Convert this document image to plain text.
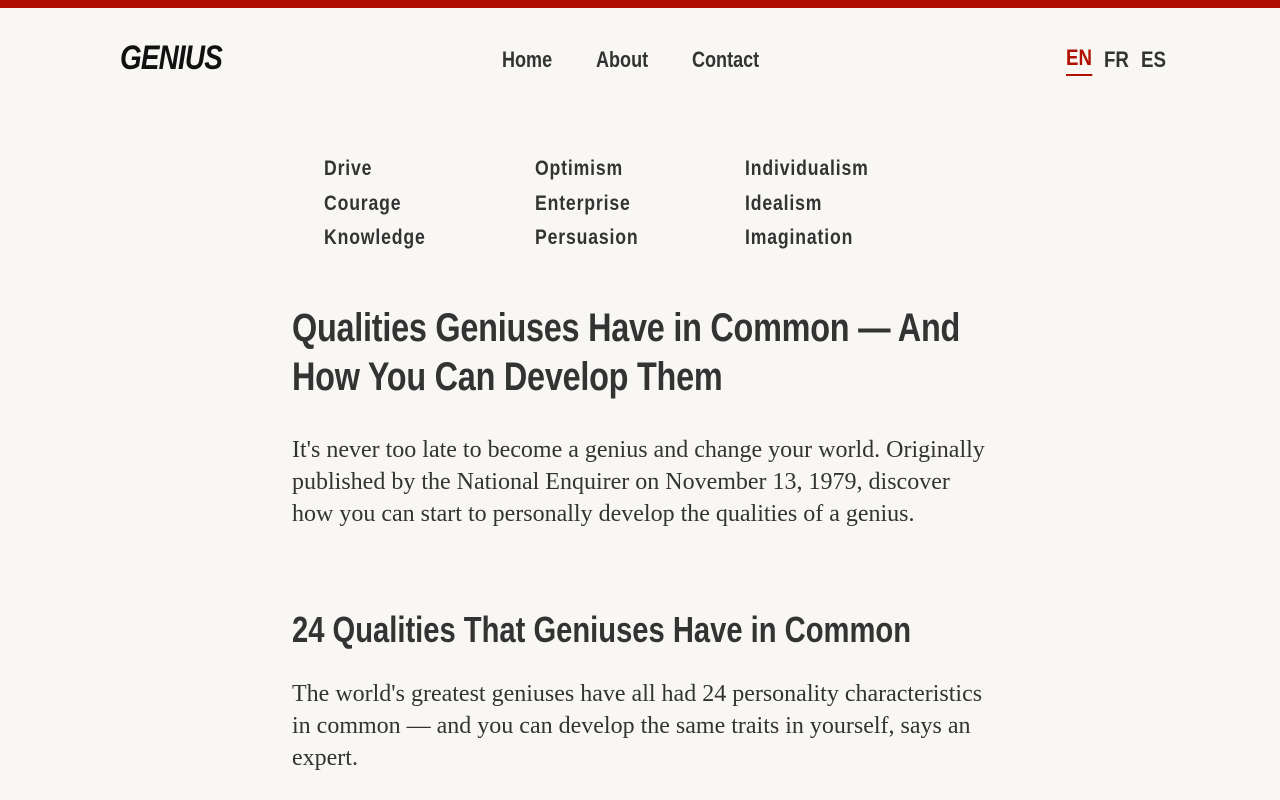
GENIUS	Home About Contact	EN FR ES
Drive
Courage
Knowledge
Optimism
Enterprise
Persuasion
Individualism
Idealism
Imagination
Qualities Geniuses Have in Common — And How You Can Develop Them

It's never too late to become a genius and change your world. Originally published by the National Enquirer on November 13, 1979, discover how you can start to personally develop the qualities of a genius.

24 Qualities That Geniuses Have in Common

The world's greatest geniuses have all had 24 personality characteristics in common — and you can develop the same traits in yourself, says an expert.
